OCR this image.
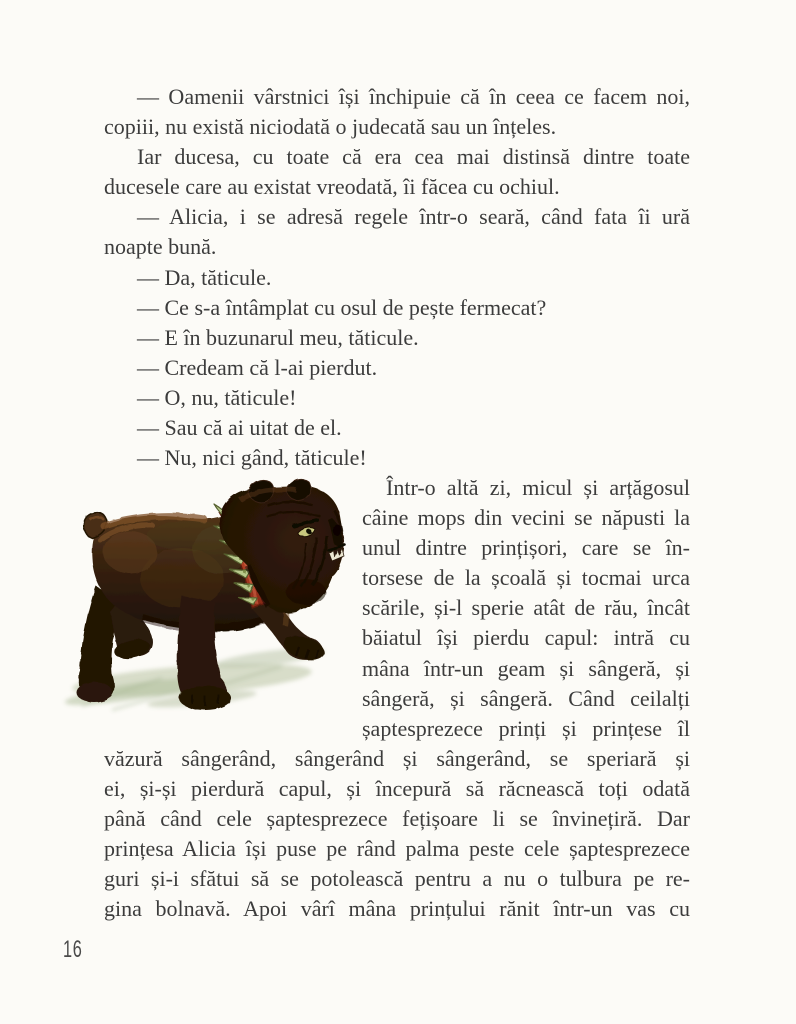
— Oamenii vârstnici își închipuie că în ceea ce facem noi,
copiii, nu există niciodată o judecată sau un înțeles.
Iar ducesa, cu toate că era cea mai distinsă dintre toate
ducesele care au existat vreodată, îi făcea cu ochiul.
— Alicia, i se adresă regele într-o seară, când fata îi ură
noapte bună.
— Da, tăticule.
— Ce s-a întâmplat cu osul de pește fermecat?
— E în buzunarul meu, tăticule.
— Credeam că l-ai pierdut.
— O, nu, tăticule!
— Sau că ai uitat de el.
— Nu, nici gând, tăticule!
Într-o altă zi, micul și arțăgosul
câine mops din vecini se năpusti la
unul dintre prințișori, care se în-
torsese de la școală și tocmai urca
scările, și-l sperie atât de rău, încât
băiatul își pierdu capul: intră cu
mâna într-un geam și sângeră, și
sângeră, și sângeră. Când ceilalți
șaptesprezece prinți și prințese îl
văzură sângerând, sângerând și sângerând, se speriară și
ei, și-și pierdură capul, și începură să răcnească toți odată
până când cele șaptesprezece fețișoare li se învinețiră. Dar
prințesa Alicia își puse pe rând palma peste cele șaptesprezece
guri și-i sfătui să se potolească pentru a nu o tulbura pe re-
gina bolnavă. Apoi vârî mâna prințului rănit într-un vas cu
16
